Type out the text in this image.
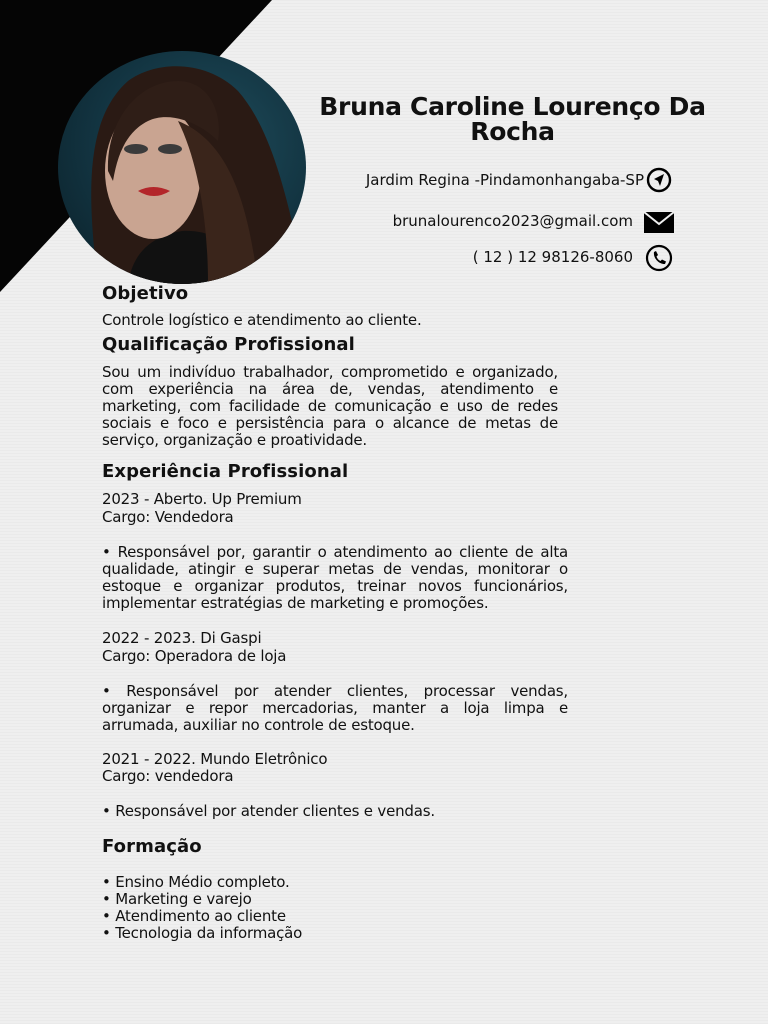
Bruna Caroline Lourenço Da
Rocha
Jardim Regina -Pindamonhangaba-SP
brunalourenco2023@gmail.com
( 12 ) 12 98126-8060
Objetivo
Controle logístico e atendimento ao cliente.
Qualificação Profissional
Sou um indivíduo trabalhador, comprometido e organizado, com experiência na área de, vendas, atendimento e marketing, com facilidade de comunicação e uso de redes sociais e foco e persistência para o alcance de metas de serviço, organização e proatividade.
Experiência Profissional
2023 - Aberto. Up Premium
Cargo: Vendedora
• Responsável por, garantir o atendimento ao cliente de alta qualidade, atingir e superar metas de vendas, monitorar o estoque e organizar produtos, treinar novos funcionários, implementar estratégias de marketing e promoções.
2022 - 2023. Di Gaspi
Cargo: Operadora de loja
• Responsável por atender clientes, processar vendas, organizar e repor mercadorias, manter a loja limpa e arrumada, auxiliar no controle de estoque.
2021 - 2022. Mundo Eletrônico
Cargo: vendedora
• Responsável por atender clientes e vendas.
Formação
• Ensino Médio completo.
• Marketing e varejo
• Atendimento ao cliente
• Tecnologia da informação
